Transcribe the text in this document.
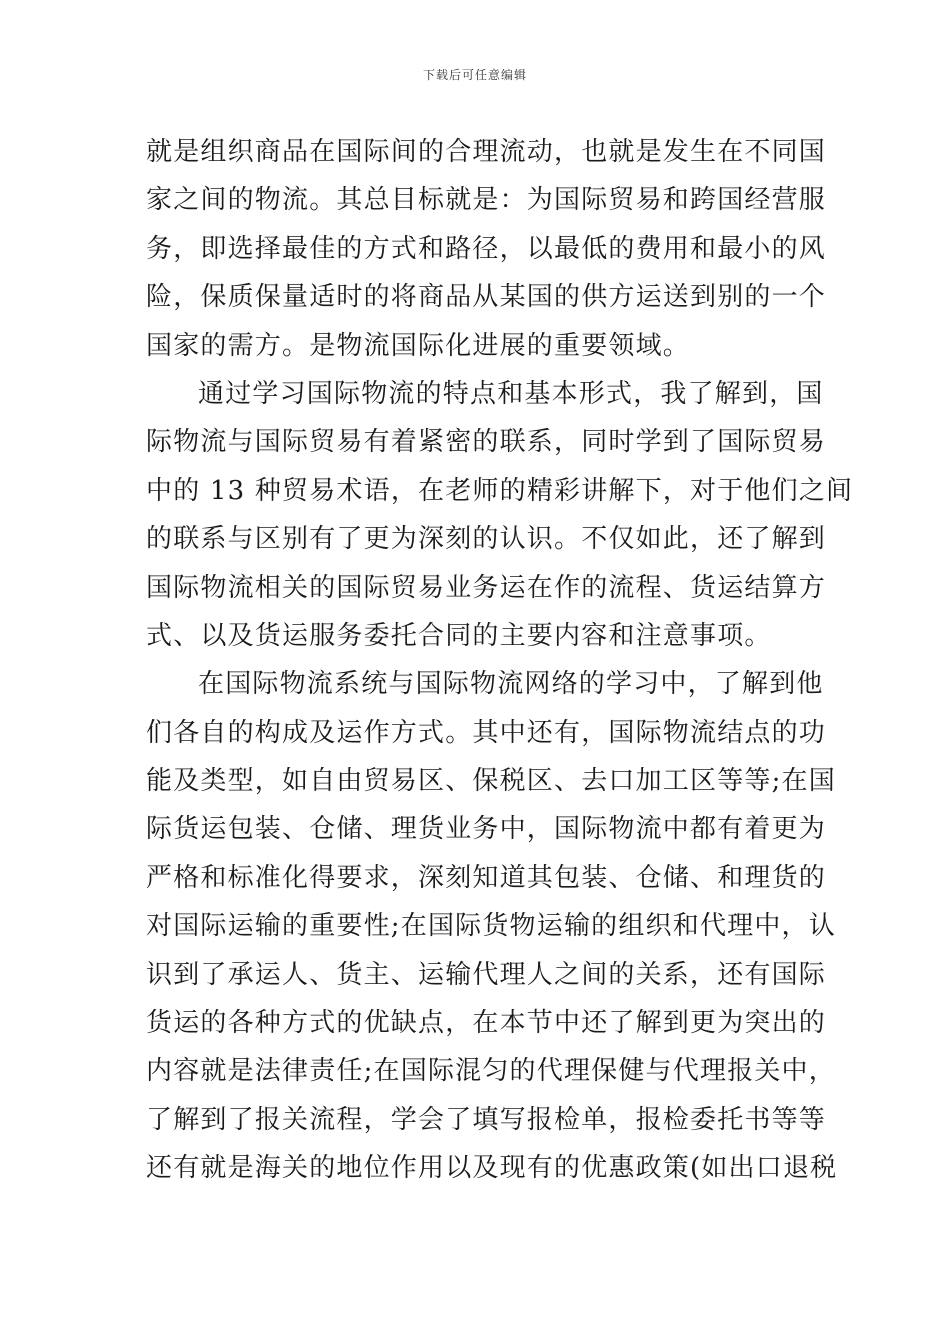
下载后可任意编辑
就是组织商品在国际间的合理流动，也就是发生在不同国
家之间的物流。其总目标就是：为国际贸易和跨国经营服
务，即选择最佳的方式和路径，以最低的费用和最小的风
险，保质保量适时的将商品从某国的供方运送到别的一个
国家的需方。是物流国际化进展的重要领域。
通过学习国际物流的特点和基本形式，我了解到，国
际物流与国际贸易有着紧密的联系，同时学到了国际贸易
中的 13 种贸易术语，在老师的精彩讲解下，对于他们之间
的联系与区别有了更为深刻的认识。不仅如此，还了解到
国际物流相关的国际贸易业务运在作的流程、货运结算方
式、以及货运服务委托合同的主要内容和注意事项。
在国际物流系统与国际物流网络的学习中，了解到他
们各自的构成及运作方式。其中还有，国际物流结点的功
能及类型，如自由贸易区、保税区、去口加工区等等;在国
际货运包装、仓储、理货业务中，国际物流中都有着更为
严格和标准化得要求，深刻知道其包装、仓储、和理货的
对国际运输的重要性;在国际货物运输的组织和代理中，认
识到了承运人、货主、运输代理人之间的关系，还有国际
货运的各种方式的优缺点，在本节中还了解到更为突出的
内容就是法律责任;在国际混匀的代理保健与代理报关中，
了解到了报关流程，学会了填写报检单，报检委托书等等
还有就是海关的地位作用以及现有的优惠政策(如出口退税
